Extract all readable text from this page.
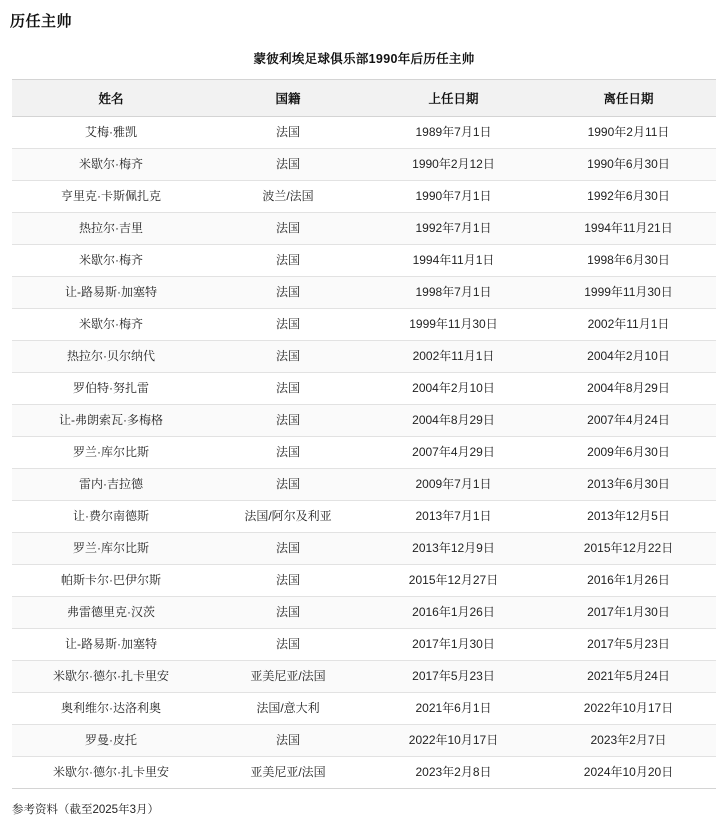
历任主帅
蒙彼利埃足球俱乐部1990年后历任主帅
姓名	国籍	上任日期	离任日期
艾梅·雅凯	法国	1989年7月1日	1990年2月11日
米歇尔·梅齐	法国	1990年2月12日	1990年6月30日
亨里克·卡斯佩扎克	波兰/法国	1990年7月1日	1992年6月30日
热拉尔·吉里	法国	1992年7月1日	1994年11月21日
米歇尔·梅齐	法国	1994年11月1日	1998年6月30日
让-路易斯·加塞特	法国	1998年7月1日	1999年11月30日
米歇尔·梅齐	法国	1999年11月30日	2002年11月1日
热拉尔·贝尔纳代	法国	2002年11月1日	2004年2月10日
罗伯特·努扎雷	法国	2004年2月10日	2004年8月29日
让-弗朗索瓦·多梅格	法国	2004年8月29日	2007年4月24日
罗兰·库尔比斯	法国	2007年4月29日	2009年6月30日
雷内·吉拉德	法国	2009年7月1日	2013年6月30日
让·费尔南德斯	法国/阿尔及利亚	2013年7月1日	2013年12月5日
罗兰·库尔比斯	法国	2013年12月9日	2015年12月22日
帕斯卡尔·巴伊尔斯	法国	2015年12月27日	2016年1月26日
弗雷德里克·汉茨	法国	2016年1月26日	2017年1月30日
让-路易斯·加塞特	法国	2017年1月30日	2017年5月23日
米歇尔·德尔·扎卡里安	亚美尼亚/法国	2017年5月23日	2021年5月24日
奥利维尔·达洛利奥	法国/意大利	2021年6月1日	2022年10月17日
罗曼·皮托	法国	2022年10月17日	2023年2月7日
米歇尔·德尔·扎卡里安	亚美尼亚/法国	2023年2月8日	2024年10月20日
参考资料（截至2025年3月）
